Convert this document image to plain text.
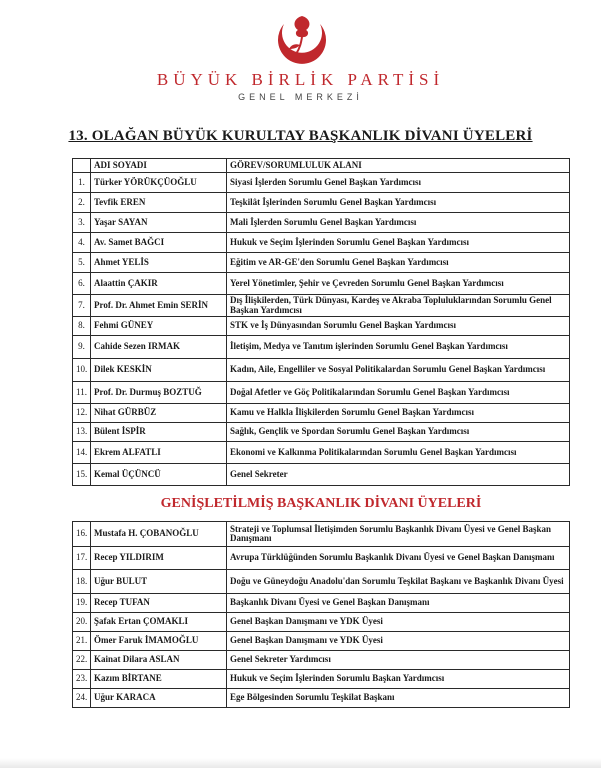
BÜYÜK BİRLİK PARTİSİ
GENEL MERKEZİ
13. OLAĞAN BÜYÜK KURULTAY BAŞKANLIK DİVANI ÜYELERİ
	ADI SOYADI	GÖREV/SORUMLULUK ALANI
1.	Türker YÖRÜKÇÜOĞLU	Siyasi İşlerden Sorumlu Genel Başkan Yardımcısı
2.	Tevfik EREN	Teşkilât İşlerinden Sorumlu Genel Başkan Yardımcısı
3.	Yaşar SAYAN	Mali İşlerden Sorumlu Genel Başkan Yardımcısı
4.	Av. Samet BAĞCI	Hukuk ve Seçim İşlerinden Sorumlu Genel Başkan Yardımcısı
5.	Ahmet YELİS	Eğitim ve AR-GE'den Sorumlu Genel Başkan Yardımcısı
6.	Alaattin ÇAKIR	Yerel Yönetimler, Şehir ve Çevreden Sorumlu Genel Başkan Yardımcısı
7.	Prof. Dr. Ahmet Emin SERİN	Dış İlişkilerden, Türk Dünyası, Kardeş ve Akraba Topluluklarından Sorumlu Genel Başkan Yardımcısı
8.	Fehmi GÜNEY	STK ve İş Dünyasından Sorumlu Genel Başkan Yardımcısı
9.	Cahide Sezen IRMAK	İletişim, Medya ve Tanıtım işlerinden Sorumlu Genel Başkan Yardımcısı
10.	Dilek KESKİN	Kadın, Aile, Engelliler ve Sosyal Politikalardan Sorumlu Genel Başkan Yardımcısı
11.	Prof. Dr. Durmuş BOZTUĞ	Doğal Afetler ve Göç Politikalarından Sorumlu Genel Başkan Yardımcısı
12.	Nihat GÜRBÜZ	Kamu ve Halkla İlişkilerden Sorumlu Genel Başkan Yardımcısı
13.	Bülent İSPİR	Sağlık, Gençlik ve Spordan Sorumlu Genel Başkan Yardımcısı
14.	Ekrem ALFATLI	Ekonomi ve Kalkınma Politikalarından Sorumlu Genel Başkan Yardımcısı
15.	Kemal ÜÇÜNCÜ	Genel Sekreter
GENİŞLETİLMİŞ BAŞKANLIK DİVANI ÜYELERİ		
16.	Mustafa H. ÇOBANOĞLU	Strateji ve Toplumsal İletişimden Sorumlu Başkanlık Divanı Üyesi ve Genel Başkan Danışmanı
17.	Recep YILDIRIM	Avrupa Türklüğünden Sorumlu Başkanlık Divanı Üyesi ve Genel Başkan Danışmanı
18.	Uğur BULUT	Doğu ve Güneydoğu Anadolu'dan Sorumlu Teşkilat Başkanı ve Başkanlık Divanı Üyesi
19.	Recep TUFAN	Başkanlık Divanı Üyesi ve Genel Başkan Danışmanı
20.	Şafak Ertan ÇOMAKLI	Genel Başkan Danışmanı ve YDK Üyesi
21.	Ömer Faruk İMAMOĞLU	Genel Başkan Danışmanı ve YDK Üyesi
22.	Kainat Dilara ASLAN	Genel Sekreter Yardımcısı
23.	Kazım BİRTANE	Hukuk ve Seçim İşlerinden Sorumlu Başkan Yardımcısı
24.	Uğur KARACA	Ege Bölgesinden Sorumlu Teşkilat Başkanı
